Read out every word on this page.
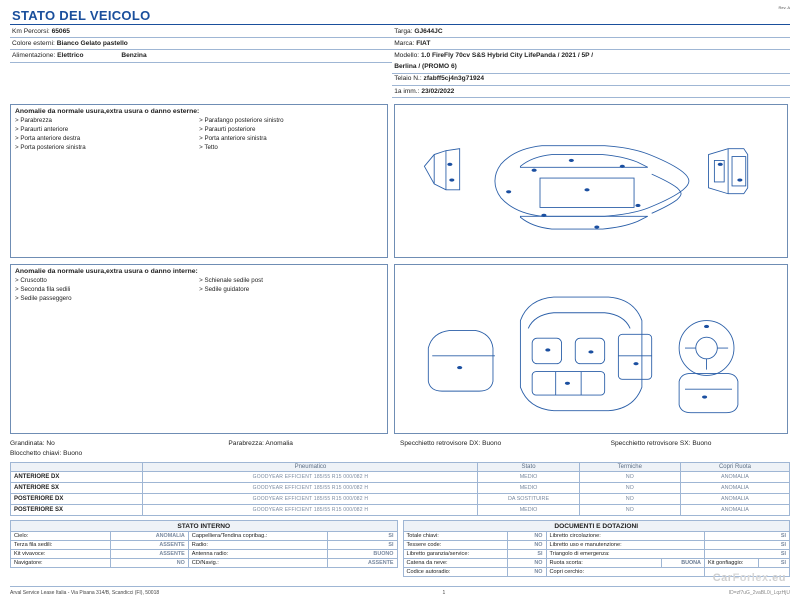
Rev. A
STATO DEL VEICOLO
Km Percorsi: 65065
Colore esterni: Bianco Gelato pastello
Alimentazione: Elettrico	Benzina
Targa: GJ644JC
Marca: FIAT
Modello: 1.0 FireFly 70cv S&S Hybrid City LifePanda / 2021 / 5P /
Berlina / (PROMO 6)
Telaio N.: zfabff5cj4n3g71924
1a imm.: 23/02/2022
Anomalie da normale usura,extra usura o danno esterne:
> Parabrezza
> Paraurti anteriore
> Porta anteriore destra
> Porta posteriore sinistra
> Parafango posteriore sinistro
> Paraurti posteriore
> Porta anteriore sinistra
> Tetto
Anomalie da normale usura,extra usura o danno interne:
> Cruscotto
> Seconda fila sedili
> Sedile passeggero
> Schienale sedile post
> Sedile guidatore
Grandinata: No	Parabrezza: Anomalia	Specchietto retrovisore DX: Buono	Specchietto retrovisore SX: Buono
Blocchetto chiavi: Buono
	Pneumatico	Stato	Termiche	Copri Ruota
ANTERIORE DX	GOODYEAR EFFICIENT 185/55 R15 000/082 H	MEDIO	NO	ANOMALIA
ANTERIORE SX	GOODYEAR EFFICIENT 185/55 R15 000/082 H	MEDIO	NO	ANOMALIA
POSTERIORE DX	GOODYEAR EFFICIENT 185/55 R15 000/082 H	DA SOSTITUIRE	NO	ANOMALIA
POSTERIORE SX	GOODYEAR EFFICIENT 185/55 R15 000/082 H	MEDIO	NO	ANOMALIA
STATO INTERNO
Cielo:	ANOMALIA	Cappelliera/Tendina copribag.:	SI
Terza fila sedili:	ASSENTE	Radio:	SI
Kit vivavoce:	ASSENTE	Antenna radio:	BUONO
Navigatore:	NO	CD/Navig.:	ASSENTE
DOCUMENTI E DOTAZIONI
Totale chiavi:	NO	Libretto circolazione:		SI	
Tessere code:	NO	Libretto uso e manutenzione:		SI	
Libretto garanzia/service:	SI	Triangolo di emergenza:		SI	
Catena da neve:	NO	Ruota scorta:	BUONA	Kit gonfiaggio:	SI
Codice autoradio:	NO	Copri cerchio:				CarForlex.eu
Arval Service Lease Italia - Via Pisana 314/B, Scandicci (FI), 50018	1	ID=zf7uG_2vaBL0i_LqzHjU
